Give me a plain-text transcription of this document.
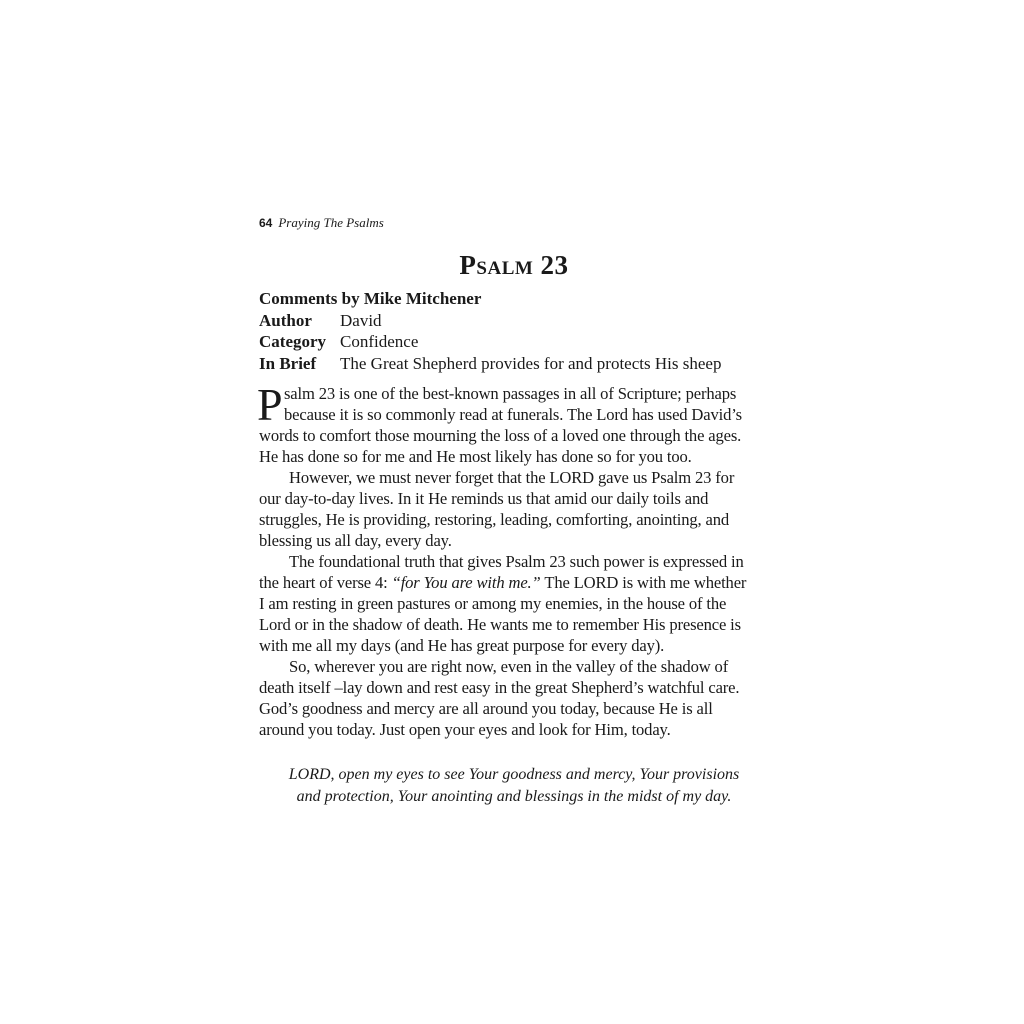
64 Praying The Psalms
Psalm 23
Comments by Mike Mitchener
Author David
Category Confidence
In Brief The Great Shepherd provides for and protects His sheep
P salm 23 is one of the best-known passages in all of Scripture; perhaps
because it is so commonly read at funerals. The Lord has used David’s
words to comfort those mourning the loss of a loved one through the ages.
He has done so for me and He most likely has done so for you too.
However, we must never forget that the LORD gave us Psalm 23 for
our day-to-day lives. In it He reminds us that amid our daily toils and
struggles, He is providing, restoring, leading, comforting, anointing, and
blessing us all day, every day.
The foundational truth that gives Psalm 23 such power is expressed in
the heart of verse 4: “for You are with me.” The LORD is with me whether
I am resting in green pastures or among my enemies, in the house of the
Lord or in the shadow of death. He wants me to remember His presence is
with me all my days (and He has great purpose for every day).
So, wherever you are right now, even in the valley of the shadow of
death itself –lay down and rest easy in the great Shepherd’s watchful care.
God’s goodness and mercy are all around you today, because He is all
around you today. Just open your eyes and look for Him, today.
LORD, open my eyes to see Your goodness and mercy, Your provisions
and protection, Your anointing and blessings in the midst of my day.
